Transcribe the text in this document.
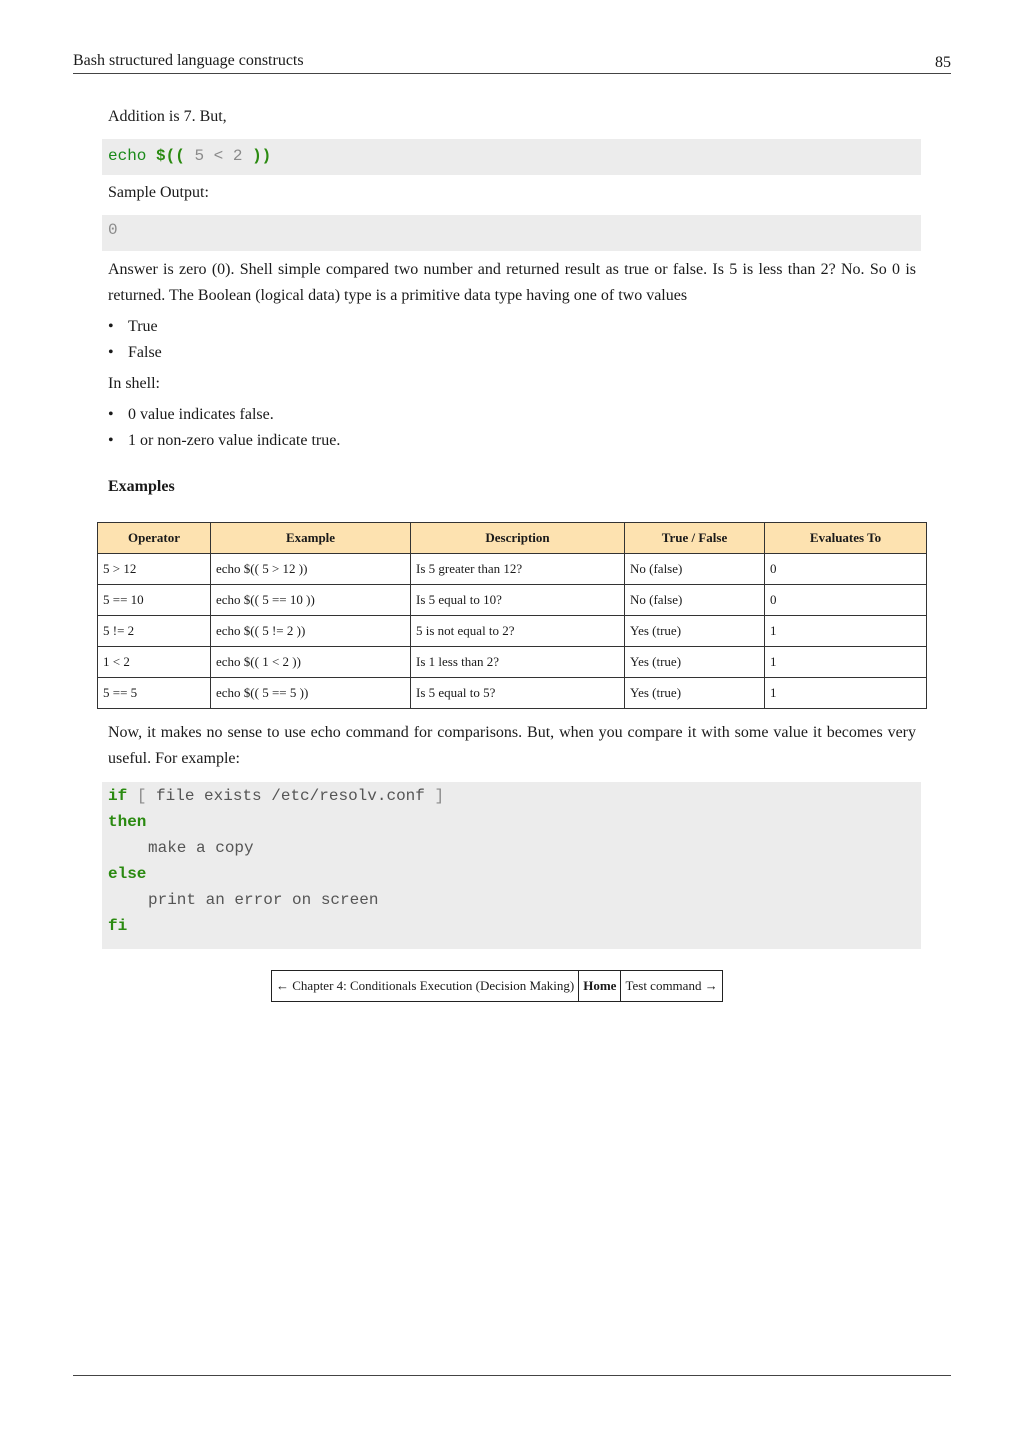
Bash structured language constructs	85

Addition is 7. But,

echo $(( 5 < 2 ))

Sample Output:

0

Answer is zero (0). Shell simple compared two number and returned result as true or false. Is 5 is less than 2? No. So 0 is returned. The Boolean (logical data) type is a primitive data type having one of two values

• True
• False

In shell:

• 0 value indicates false.
• 1 or non-zero value indicate true.

Examples

Operator	Example	Description	True / False	Evaluates To
5 > 12	echo $(( 5 > 12 ))	Is 5 greater than 12?	No (false)	0
5 == 10	echo $(( 5 == 10 ))	Is 5 equal to 10?	No (false)	0
5 != 2	echo $(( 5 != 2 ))	5 is not equal to 2?	Yes (true)	1
1 < 2	echo $(( 1 < 2 ))	Is 1 less than 2?	Yes (true)	1
5 == 5	echo $(( 5 == 5 ))	Is 5 equal to 5?	Yes (true)	1

Now, it makes no sense to use echo command for comparisons. But, when you compare it with some value it becomes very useful. For example:

if [ file exists /etc/resolv.conf ]
then
make a copy
else
print an error on screen
fi
← Chapter 4: Conditionals Execution (Decision Making)	Home	Test command →
